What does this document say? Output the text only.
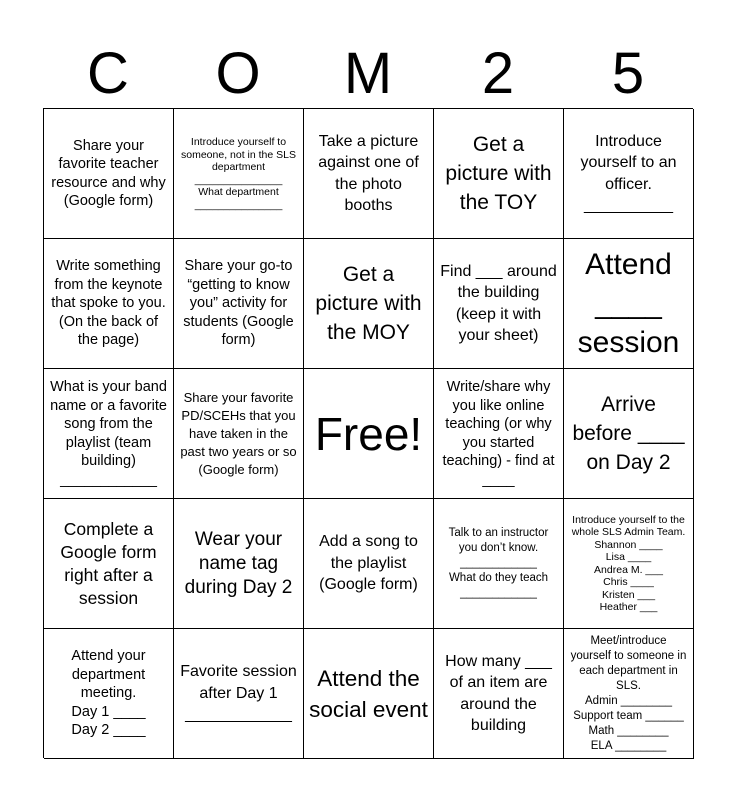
C	O	M	2	5
Share your favorite teacher resource and why (Google form)
Introduce yourself to someone, not in the SLS department
_______________
What department _______________
Take a picture against one of the photo booths
Get a picture with the TOY
Introduce yourself to an officer.
__________
Write something from the keynote that spoke to you. (On the back of the page)
Share your go-to “getting to know you” activity for students (Google form)
Get a picture with the MOY
Find ___ around the building (keep it with your sheet)
Attend
____
session
What is your band name or a favorite song from the playlist (team building)
____________
Share your favorite PD/SCEHs that you have taken in the past two years or so (Google form)
Free!
Write/share why you like online teaching (or why you started teaching) - find at ____
Arrive before ____ on Day 2
Complete a Google form right after a session
Wear your name tag during Day 2
Add a song to the playlist (Google form)
Talk to an instructor you don’t know.
____________
What do they teach
____________
Introduce yourself to the whole SLS Admin Team.
Shannon ____
Lisa ____
Andrea M. ___
Chris ____
Kristen ___
Heather ___
Attend your department meeting.
Day 1 ____
Day 2 ____
Favorite session after Day 1
____________
Attend the social event
How many ___ of an item are around the building
Meet/introduce yourself to someone in each department in SLS.
Admin ________
Support team ______
Math ________
ELA ________
